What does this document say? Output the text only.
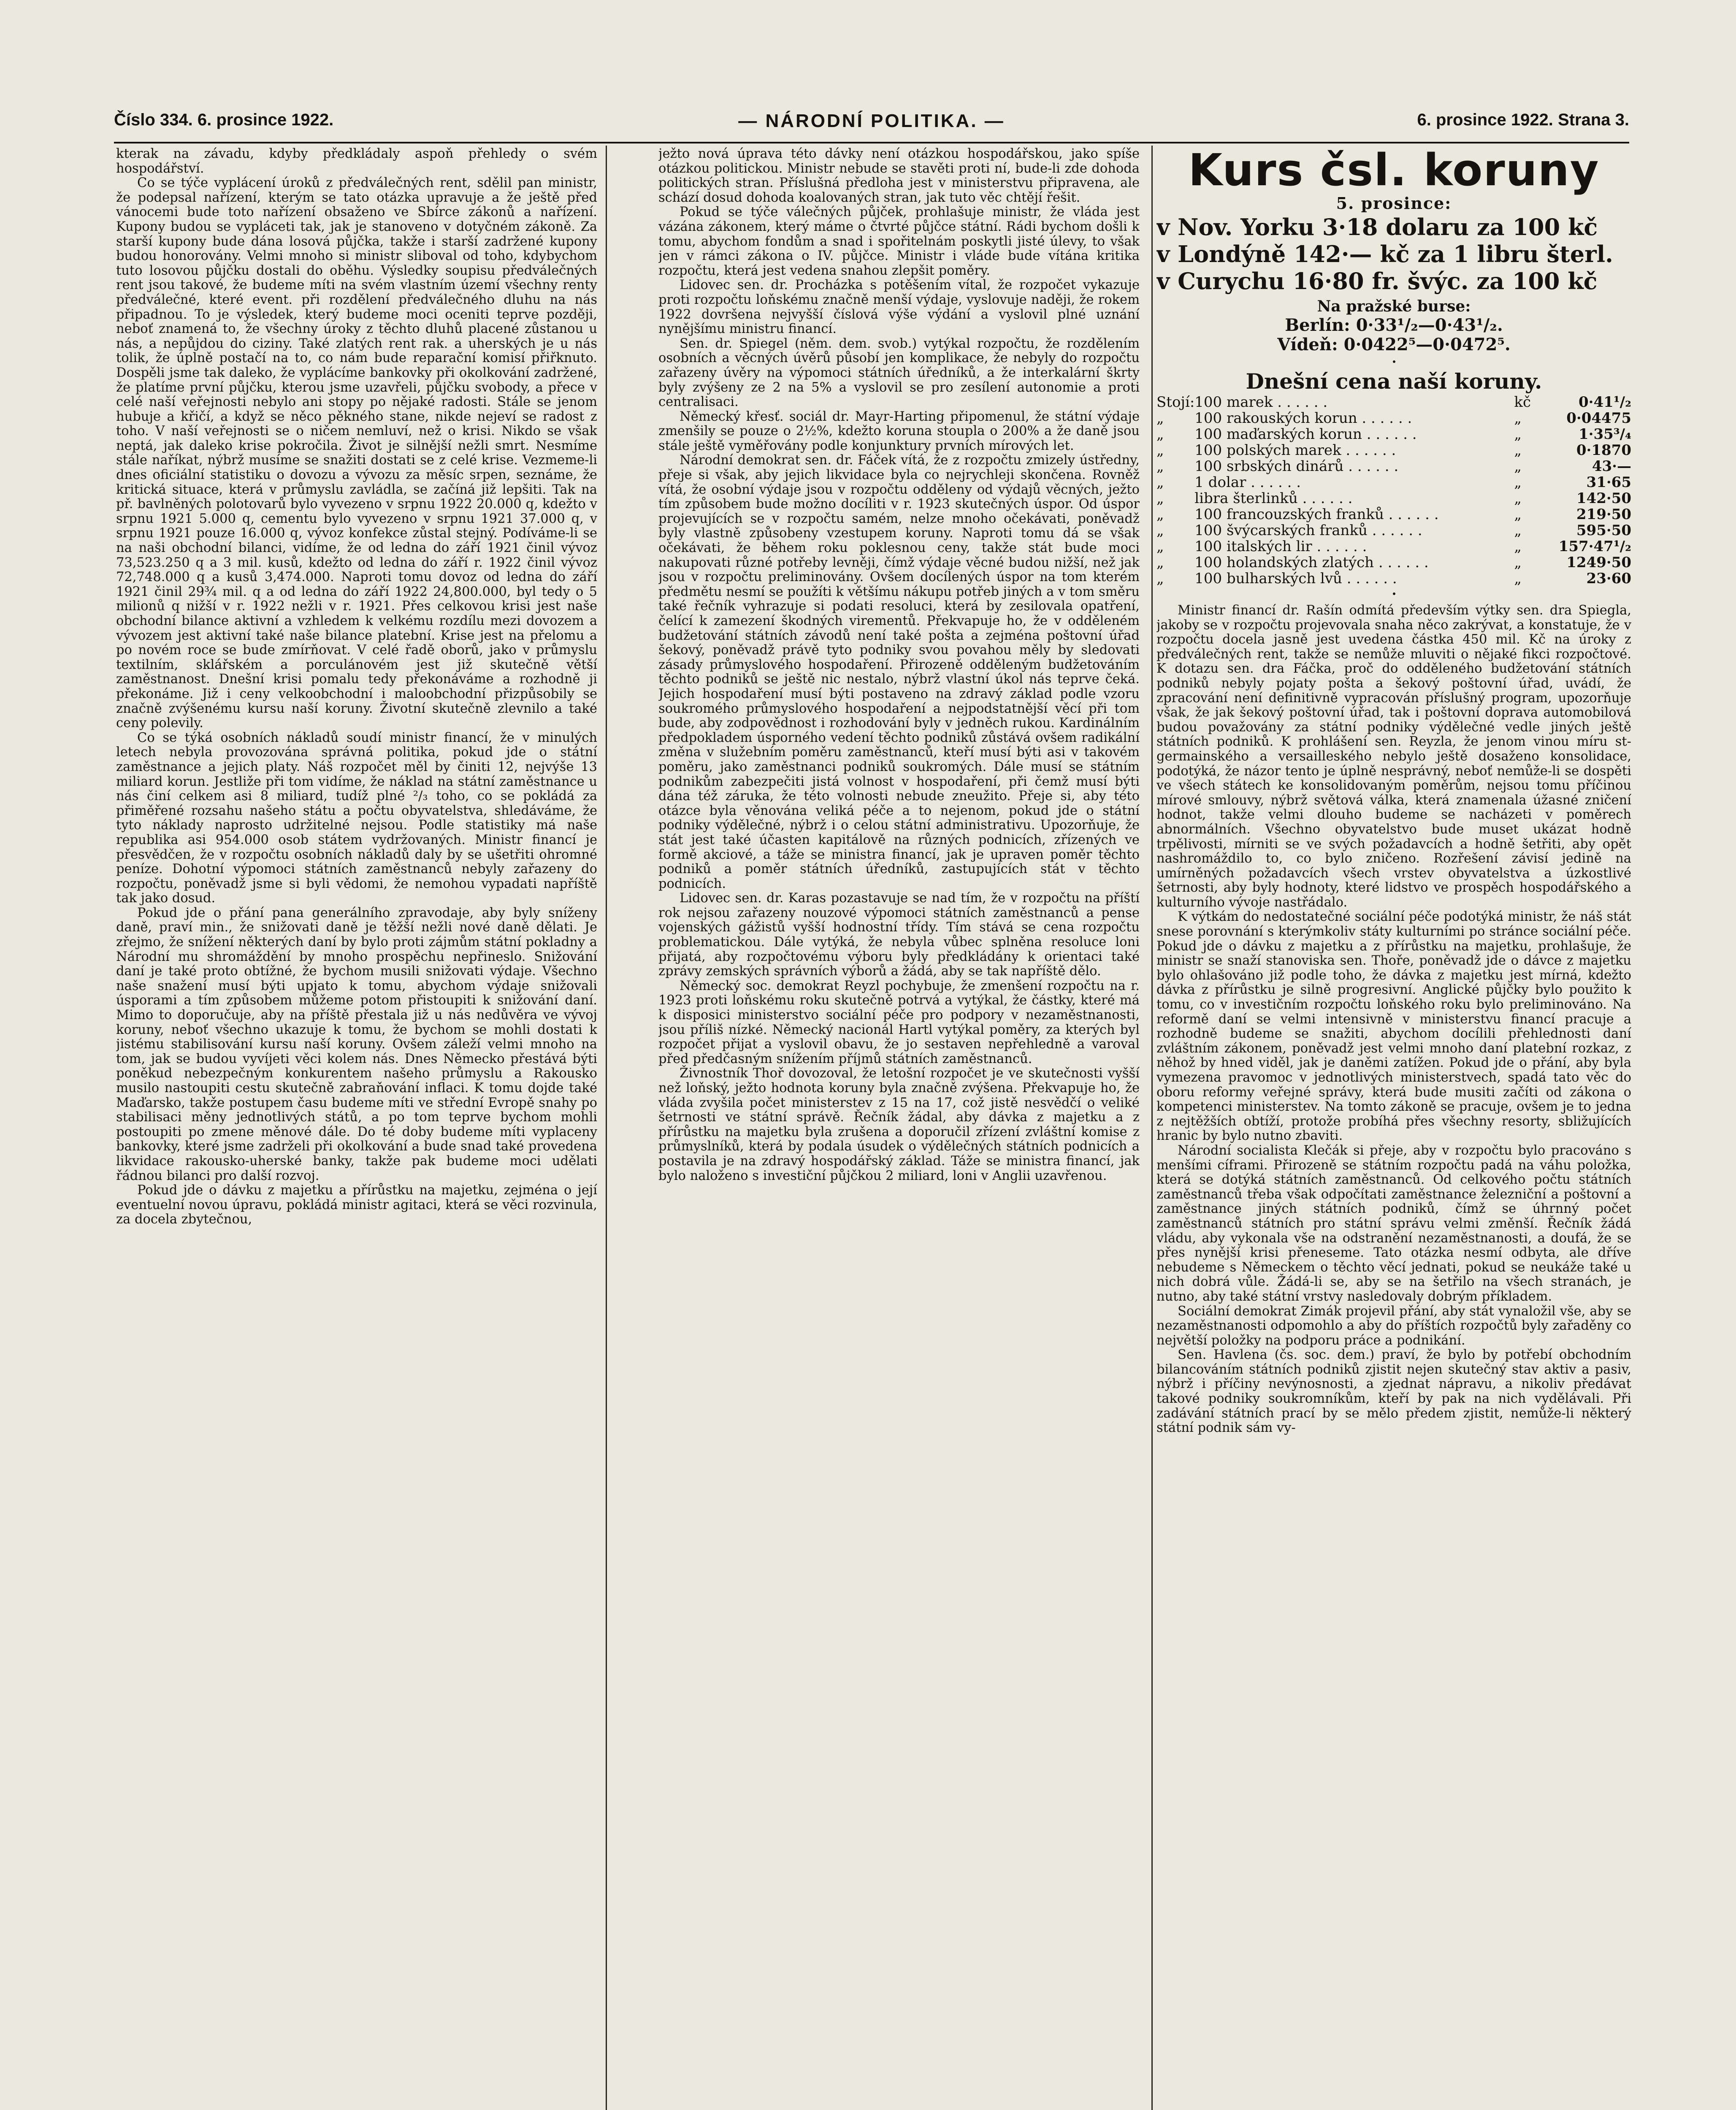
Číslo 334. 6. prosince 1922.	— NÁRODNÍ POLITIKA. —	6. prosince 1922. Strana 3.

kterak na závadu, kdyby předkládaly aspoň přehledy o svém hospodářství.

Co se týče vyplácení úroků z předválečných rent, sdělil pan ministr, že podepsal nařízení, kterým se tato otázka upravuje a že ještě před vánocemi bude toto nařízení obsaženo ve Sbírce zákonů a nařízení. Kupony budou se vypláceti tak, jak je stanoveno v dotyčném zákoně. Za starší kupony bude dána losová půjčka, takže i starší zadržené kupony budou honorovány. Velmi mnoho si ministr sliboval od toho, kdybychom tuto losovou půjčku dostali do oběhu. Výsledky soupisu předválečných rent jsou takové, že budeme míti na svém vlastním území všechny renty předválečné, které event. při rozdělení předválečného dluhu na nás připadnou. To je výsledek, který budeme moci oceniti teprve později, neboť znamená to, že všechny úroky z těchto dluhů placené zůstanou u nás, a nepůjdou do ciziny. Také zlatých rent rak. a uherských je u nás tolik, že úplně postačí na to, co nám bude reparační komisí přiřknuto. Dospěli jsme tak daleko, že vyplácíme bankovky při okolkování zadržené, že platíme první půjčku, kterou jsme uzavřeli, půjčku svobody, a přece v celé naší veřejnosti nebylo ani stopy po nějaké radosti. Stále se jenom hubuje a křičí, a když se něco pěkného stane, nikde nejeví se radost z toho. V naší veřejnosti se o ničem nemluví, než o krisi. Nikdo se však neptá, jak daleko krise pokročila. Život je silnější nežli smrt. Nesmíme stále naříkat, nýbrž musíme se snažiti dostati se z celé krise. Vezmeme-li dnes oficiální statistiku o dovozu a vývozu za měsíc srpen, seznáme, že kritická situace, která v průmyslu zavládla, se začíná již lepšiti. Tak na př. bavlněných polotovarů bylo vyvezeno v srpnu 1922 20.000 q, kdežto v srpnu 1921 5.000 q, cementu bylo vyvezeno v srpnu 1921 37.000 q, v srpnu 1921 pouze 16.000 q, vývoz konfekce zůstal stejný. Podíváme-li se na naši obchodní bilanci, vidíme, že od ledna do září 1921 činil vývoz 73,523.250 q a 3 mil. kusů, kdežto od ledna do září r. 1922 činil vývoz 72,748.000 q a kusů 3,474.000. Naproti tomu dovoz od ledna do září 1921 činil 29¾ mil. q a od ledna do září 1922 24,800.000, byl tedy o 5 milionů q nižší v r. 1922 nežli v r. 1921. Přes celkovou krisi jest naše obchodní bilance aktivní a vzhledem k velkému rozdílu mezi dovozem a vývozem jest aktivní také naše bilance platební. Krise jest na přelomu a po novém roce se bude zmírňovat. V celé řadě oborů, jako v průmyslu textilním, sklářském a porculánovém jest již skutečně větší zaměstnanost. Dnešní krisi pomalu tedy překonáváme a rozhodně ji překonáme. Již i ceny velkoobchodní i maloobchodní přizpůsobily se značně zvýšenému kursu naší koruny. Životní skutečně zlevnilo a také ceny polevily.

Co se týká osobních nákladů soudí ministr financí, že v minulých letech nebyla provozována správná politika, pokud jde o státní zaměstnance a jejich platy. Náš rozpočet měl by činiti 12, nejvýše 13 miliard korun. Jestliže při tom vidíme, že náklad na státní zaměstnance u nás činí celkem asi 8 miliard, tudíž plné ²/₃ toho, co se pokládá za přiměřené rozsahu našeho státu a počtu obyvatelstva, shledáváme, že tyto náklady naprosto udržitelné nejsou. Podle statistiky má naše republika asi 954.000 osob státem vydržovaných. Ministr financí je přesvědčen, že v rozpočtu osobních nákladů daly by se ušetřiti ohromné peníze. Dohotní výpomoci státních zaměstnanců nebyly zařazeny do rozpočtu, poněvadž jsme si byli vědomi, že nemohou vypadati napříště tak jako dosud.

Pokud jde o přání pana generálního zpravodaje, aby byly sníženy daně, praví min., že snižovati daně je těžší nežli nové daně dělati. Je zřejmo, že snížení některých daní by bylo proti zájmům státní pokladny a Národní mu shromáždění by mnoho prospěchu nepřineslo. Snižování daní je také proto obtížné, že bychom musili snižovati výdaje. Všechno naše snažení musí býti upjato k tomu, abychom výdaje snižovali úsporami a tím způsobem můžeme potom přistoupiti k snižování daní. Mimo to doporučuje, aby na příště přestala již u nás nedůvěra ve vývoj koruny, neboť všechno ukazuje k tomu, že bychom se mohli dostati k jistému stabilisování kursu naší koruny. Ovšem záleží velmi mnoho na tom, jak se budou vyvíjeti věci kolem nás. Dnes Německo přestává býti poněkud nebezpečným konkurentem našeho průmyslu a Rakousko musilo nastoupiti cestu skutečně zabraňování inflaci. K tomu dojde také Maďarsko, takže postupem času budeme míti ve střední Evropě snahy po stabilisaci měny jednotlivých států, a po tom teprve bychom mohli postoupiti po zmene měnové dále. Do té doby budeme míti vyplaceny bankovky, které jsme zadrželi při okolkování a bude snad také provedena likvidace rakousko-uherské banky, takže pak budeme moci udělati řádnou bilanci pro další rozvoj.

Pokud jde o dávku z majetku a přírůstku na majetku, zejména o její eventuelní novou úpravu, pokládá ministr agitaci, která se věci rozvinula, za docela zbytečnou,

ježto nová úprava této dávky není otázkou hospodářskou, jako spíše otázkou politickou. Ministr nebude se stavěti proti ní, bude-li zde dohoda politických stran. Příslušná předloha jest v ministerstvu připravena, ale schází dosud dohoda koalovaných stran, jak tuto věc chtějí řešit.

Pokud se týče válečných půjček, prohlašuje ministr, že vláda jest vázána zákonem, který máme o čtvrté půjčce státní. Rádi bychom došli k tomu, abychom fondům a snad i spořitelnám poskytli jisté úlevy, to však jen v rámci zákona o IV. půjčce. Ministr i vláde bude vítána kritika rozpočtu, která jest vedena snahou zlepšit poměry.

Lidovec sen. dr. Procházka s potěšením vítal, že rozpočet vykazuje proti rozpočtu loňskému značně menší výdaje, vyslovuje naději, že rokem 1922 dovršena nejvyšší číslová výše výdání a vyslovil plné uznání nynějšímu ministru financí.

Sen. dr. Spiegel (něm. dem. svob.) vytýkal rozpočtu, že rozdělením osobních a věcných úvěrů působí jen komplikace, že nebyly do rozpočtu zařazeny úvěry na výpomoci státních úředníků, a že interkalární škrty byly zvýšeny ze 2 na 5% a vyslovil se pro zesílení autonomie a proti centralisaci.

Německý křesť. sociál dr. Mayr-Harting připomenul, že státní výdaje zmenšily se pouze o 2½%, kdežto koruna stoupla o 200% a že daně jsou stále ještě vyměřovány podle konjunktury prvních mírových let.

Národní demokrat sen. dr. Fáček vítá, že z rozpočtu zmizely ústředny, přeje si však, aby jejich likvidace byla co nejrychleji skončena. Rovněž vítá, že osobní výdaje jsou v rozpočtu odděleny od výdajů věcných, ježto tím způsobem bude možno docíliti v r. 1923 skutečných úspor. Od úspor projevujících se v rozpočtu samém, nelze mnoho očekávati, poněvadž byly vlastně způsobeny vzestupem koruny. Naproti tomu dá se však očekávati, že během roku poklesnou ceny, takže stát bude moci nakupovati různé potřeby levněji, čímž výdaje věcné budou nižší, než jak jsou v rozpočtu preliminovány. Ovšem docílených úspor na tom kterém předmětu nesmí se použíti k většímu nákupu potřeb jiných a v tom směru také řečník vyhrazuje si podati resoluci, která by zesilovala opatření, čelící k zamezení škodných virementů. Překvapuje ho, že v odděleném budžetování státních závodů není také pošta a zejména poštovní úřad šekový, poněvadž právě tyto podniky svou povahou měly by sledovati zásady průmyslového hospodaření. Přirozeně odděleným budžetováním těchto podniků se ještě nic nestalo, nýbrž vlastní úkol nás teprve čeká. Jejich hospodaření musí býti postaveno na zdravý základ podle vzoru soukromého průmyslového hospodaření a nejpodstatnější věcí při tom bude, aby zodpovědnost i rozhodování byly v jedněch rukou. Kardinálním předpokladem úsporného vedení těchto podniků zůstává ovšem radikální změna v služebním poměru zaměstnanců, kteří musí býti asi v takovém poměru, jako zaměstnanci podniků soukromých. Dále musí se státním podnikům zabezpečiti jistá volnost v hospodaření, při čemž musí býti dána též záruka, že této volnosti nebude zneužito. Přeje si, aby této otázce byla věnována veliká péče a to nejenom, pokud jde o státní podniky výdělečné, nýbrž i o celou státní administrativu. Upozorňuje, že stát jest také účasten kapitálově na různých podnicích, zřízených ve formě akciové, a táže se ministra financí, jak je upraven poměr těchto podniků a poměr státních úředníků, zastupujících stát v těchto podnicích.

Lidovec sen. dr. Karas pozastavuje se nad tím, že v rozpočtu na příští rok nejsou zařazeny nouzové výpomoci státních zaměstnanců a pense vojenských gážistů vyšší hodnostní třídy. Tím stává se cena rozpočtu problematickou. Dále vytýká, že nebyla vůbec splněna resoluce loni přijatá, aby rozpočtovému výboru byly předkládány k orientaci také zprávy zemských správních výborů a žádá, aby se tak napříště dělo.

Německý soc. demokrat Reyzl pochybuje, že zmenšení rozpočtu na r. 1923 proti loňskému roku skutečně potrvá a vytýkal, že částky, které má k disposici ministerstvo sociální péče pro podpory v nezaměstnanosti, jsou příliš nízké. Německý nacionál Hartl vytýkal poměry, za kterých byl rozpočet přijat a vyslovil obavu, že jo sestaven nepřehledně a varoval před předčasným snížením příjmů státních zaměstnanců.

Živnostník Thoř dovozoval, že letošní rozpočet je ve skutečnosti vyšší než loňský, ježto hodnota koruny byla značně zvýšena. Překvapuje ho, že vláda zvyšila počet ministerstev z 15 na 17, což jistě nesvědčí o veliké šetrnosti ve státní správě. Řečník žádal, aby dávka z majetku a z přírůstku na majetku byla zrušena a doporučil zřízení zvláštní komise z průmyslníků, která by podala úsudek o výdělečných státních podnicích a postavila je na zdravý hospodářský základ. Táže se ministra financí, jak bylo naloženo s investiční půjčkou 2 miliard, loni v Anglii uzavřenou.

Kurs čsl. koruny
5. prosince:
v Nov. Yorku 3·18 dolaru za 100 kč
v Londýně 142·— kč za 1 libru šterl.
v Curychu 16·80 fr. švýc. za 100 kč
Na pražské burse:
Berlín: 0·33¹/₂—0·43¹/₂.
Vídeň: 0·0422⁵—0·0472⁵.
Dnešní cena naší koruny.
Stojí:	100 marek . . . . . .	kč	0·41¹/₂
„	100 rakouských korun . . . . . .	„	0·04475
„	100 maďarských korun . . . . . .	„	1·35³/₄
„	100 polských marek . . . . . .	„	0·1870
„	100 srbských dinárů . . . . . .	„	43·—
„	1 dolar . . . . . .	„	31·65
„	libra šterlinků . . . . . .	„	142·50
„	100 francouzských franků . . . . . .	„	219·50
„	100 švýcarských franků . . . . . .	„	595·50
„	100 italských lir . . . . . .	„	157·47¹/₂
„	100 holandských zlatých . . . . . .	„	1249·50
„	100 bulharských lvů . . . . . .	„	23·60

Ministr financí dr. Rašín odmítá především výtky sen. dra Spiegla, jakoby se v rozpočtu projevovala snaha něco zakrývat, a konstatuje, že v rozpočtu docela jasně jest uvedena částka 450 mil. Kč na úroky z předválečných rent, takže se nemůže mluviti o nějaké fikci rozpočtové. K dotazu sen. dra Fáčka, proč do odděleného budžetování státních podniků nebyly pojaty pošta a šekový poštovní úřad, uvádí, že zpracování není definitivně vypracován příslušný program, upozorňuje však, že jak šekový poštovní úřad, tak i poštovní doprava automobilová budou považovány za státní podniky výdělečné vedle jiných ještě státních podniků. K prohlášení sen. Reyzla, že jenom vinou míru st-germainského a versailleského nebylo ještě dosaženo konsolidace, podotýká, že názor tento je úplně nesprávný, neboť nemůže-li se dospěti ve všech státech ke konsolidovaným poměrům, nejsou tomu příčinou mírové smlouvy, nýbrž světová válka, která znamenala úžasné zničení hodnot, takže velmi dlouho budeme se nacházeti v poměrech abnormálních. Všechno obyvatelstvo bude muset ukázat hodně trpělivosti, mírniti se ve svých požadavcích a hodně šetřiti, aby opět nashromáždilo to, co bylo zničeno. Rozřešení závisí jedině na umírněných požadavcích všech vrstev obyvatelstva a úzkostlivé šetrnosti, aby byly hodnoty, které lidstvo ve prospěch hospodářského a kulturního vývoje nastřádalo.

K výtkám do nedostatečné sociální péče podotýká ministr, že náš stát snese porovnání s kterýmkoliv státy kulturními po stránce sociální péče. Pokud jde o dávku z majetku a z přírůstku na majetku, prohlašuje, že ministr se snaží stanoviska sen. Thoře, poněvadž jde o dávce z majetku bylo ohlašováno již podle toho, že dávka z majetku jest mírná, kdežto dávka z přírůstku je silně progresivní. Anglické půjčky bylo použito k tomu, co v investičním rozpočtu loňského roku bylo preliminováno. Na reformě daní se velmi intensivně v ministerstvu financí pracuje a rozhodně budeme se snažiti, abychom docílili přehlednosti daní zvláštním zákonem, poněvadž jest velmi mnoho daní platební rozkaz, z něhož by hned viděl, jak je daněmi zatížen. Pokud jde o přání, aby byla vymezena pravomoc v jednotlivých ministerstvech, spadá tato věc do oboru reformy veřejné správy, která bude musiti začíti od zákona o kompetenci ministerstev. Na tomto zákoně se pracuje, ovšem je to jedna z nejtěžších obtíží, protože probíhá přes všechny resorty, sbližujících hranic by bylo nutno zbaviti.

Národní socialista Klečák si přeje, aby v rozpočtu bylo pracováno s menšími cíframi. Přirozeně se státním rozpočtu padá na váhu položka, která se dotýká státních zaměstnanců. Od celkového počtu státních zaměstnanců třeba však odpočítati zaměstnance železniční a poštovní a zaměstnance jiných státních podniků, čímž se úhrnný počet zaměstnanců státních pro státní správu velmi změnší. Řečník žádá vládu, aby vykonala vše na odstranění nezaměstnanosti, a doufá, že se přes nynější krisi přeneseme. Tato otázka nesmí odbyta, ale dříve nebudeme s Německem o těchto věcí jednati, pokud se neukáže také u nich dobrá vůle. Žádá-li se, aby se na šetřilo na všech stranách, je nutno, aby také státní vrstvy nasledovaly dobrým příkladem.

Sociální demokrat Zimák projevil přání, aby stát vynaložil vše, aby se nezaměstnanosti odpomohlo a aby do příštích rozpočtů byly zařaděny co největší položky na podporu práce a podnikání.

Sen. Havlena (čs. soc. dem.) praví, že bylo by potřebí obchodním bilancováním státních podniků zjistit nejen skutečný stav aktiv a pasiv, nýbrž i příčiny nevýnosnosti, a zjednat nápravu, a nikoliv předávat takové podniky soukromníkům, kteří by pak na nich vydělávali. Při zadávání státních prací by se mělo předem zjistit, nemůže-li některý státní podnik sám vy-
